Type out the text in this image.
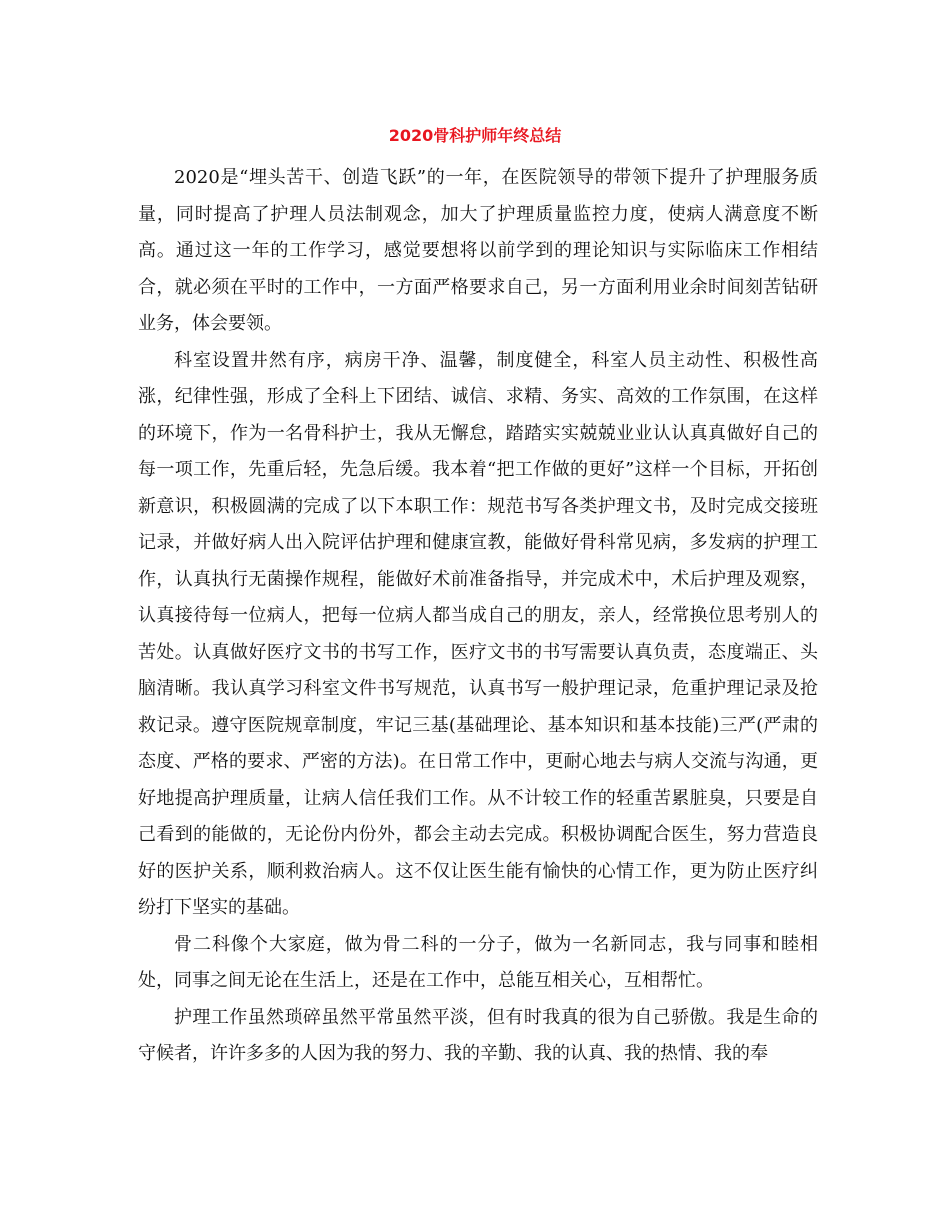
2020骨科护师年终总结

2020是“埋头苦干、创造飞跃”的一年，在医院领导的带领下提升了护理服务质量，同时提高了护理人员法制观念，加大了护理质量监控力度，使病人满意度不断高。通过这一年的工作学习，感觉要想将以前学到的理论知识与实际临床工作相结合，就必须在平时的工作中，一方面严格要求自己，另一方面利用业余时间刻苦钻研业务，体会要领。

科室设置井然有序，病房干净、温馨，制度健全，科室人员主动性、积极性高涨，纪律性强，形成了全科上下团结、诚信、求精、务实、高效的工作氛围，在这样的环境下，作为一名骨科护士，我从无懈怠，踏踏实实兢兢业业认认真真做好自己的每一项工作，先重后轻，先急后缓。我本着“把工作做的更好”这样一个目标，开拓创新意识，积极圆满的完成了以下本职工作：规范书写各类护理文书，及时完成交接班记录，并做好病人出入院评估护理和健康宣教，能做好骨科常见病，多发病的护理工作，认真执行无菌操作规程，能做好术前准备指导，并完成术中，术后护理及观察，认真接待每一位病人，把每一位病人都当成自己的朋友，亲人，经常换位思考别人的苦处。认真做好医疗文书的书写工作，医疗文书的书写需要认真负责，态度端正、头脑清晰。我认真学习科室文件书写规范，认真书写一般护理记录，危重护理记录及抢救记录。遵守医院规章制度，牢记三基(基础理论、基本知识和基本技能)三严(严肃的态度、严格的要求、严密的方法)。在日常工作中，更耐心地去与病人交流与沟通，更好地提高护理质量，让病人信任我们工作。从不计较工作的轻重苦累脏臭，只要是自己看到的能做的，无论份内份外，都会主动去完成。积极协调配合医生，努力营造良好的医护关系，顺利救治病人。这不仅让医生能有愉快的心情工作，更为防止医疗纠纷打下坚实的基础。

骨二科像个大家庭，做为骨二科的一分子，做为一名新同志，我与同事和睦相处，同事之间无论在生活上，还是在工作中，总能互相关心，互相帮忙。

护理工作虽然琐碎虽然平常虽然平淡，但有时我真的很为自己骄傲。我是生命的守候者，许许多多的人因为我的努力、我的辛勤、我的认真、我的热情、我的奉
